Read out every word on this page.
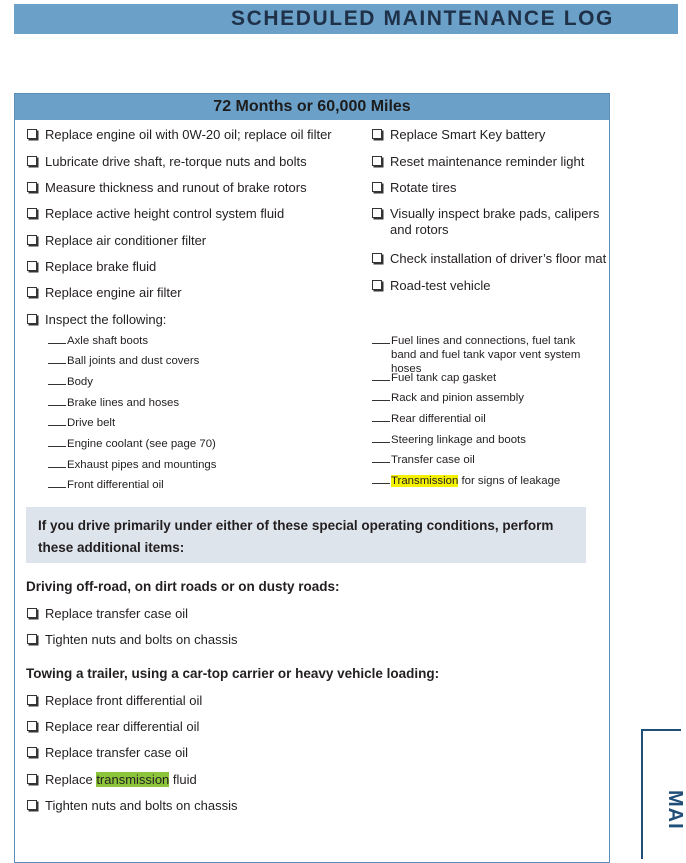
SCHEDULED MAINTENANCE LOG
72 Months or 60,000 Miles
Replace engine oil with 0W-20 oil; replace oil filter
Lubricate drive shaft, re-torque nuts and bolts
Measure thickness and runout of brake rotors
Replace active height control system fluid
Replace air conditioner filter
Replace brake fluid
Replace engine air filter
Inspect the following:
Replace Smart Key battery
Reset maintenance reminder light
Rotate tires
Visually inspect brake pads, calipers and rotors
Check installation of driver’s floor mat
Road-test vehicle
Axle shaft boots
Ball joints and dust covers
Body
Brake lines and hoses
Drive belt
Engine coolant (see page 70)
Exhaust pipes and mountings
Front differential oil
Fuel lines and connections, fuel tank band and fuel tank vapor vent system hoses
Fuel tank cap gasket
Rack and pinion assembly
Rear differential oil
Steering linkage and boots
Transfer case oil
Transmission for signs of leakage
If you drive primarily under either of these special operating conditions, perform these additional items:
Driving off-road, on dirt roads or on dusty roads:
Replace transfer case oil
Tighten nuts and bolts on chassis
Towing a trailer, using a car-top carrier or heavy vehicle loading:
Replace front differential oil
Replace rear differential oil
Replace transfer case oil
Replace transmission fluid
Tighten nuts and bolts on chassis	MAI
